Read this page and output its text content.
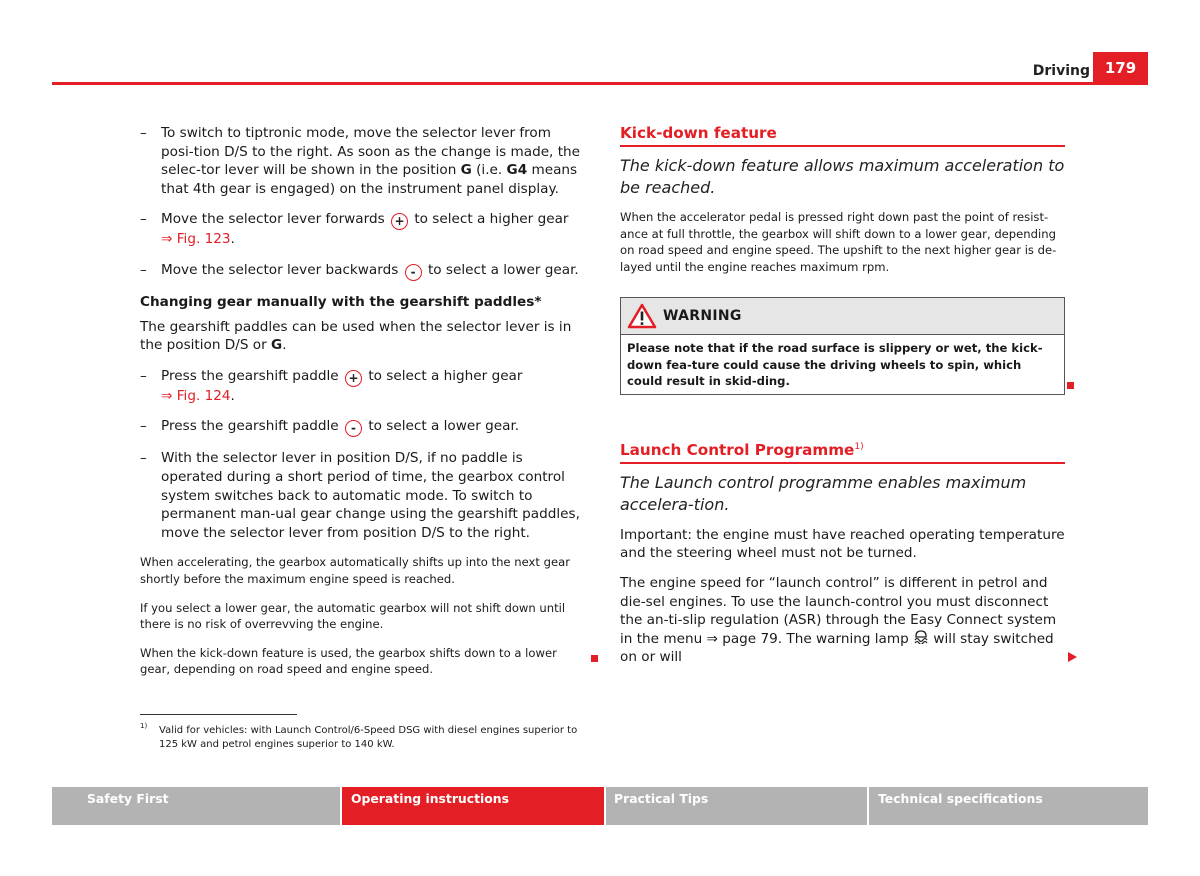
Driving 179
– To switch to tiptronic mode, move the selector lever from posi-tion D/S to the right. As soon as the change is made, the selec-tor lever will be shown in the position G (i.e. G4 means that 4th gear is engaged) on the instrument panel display.
– Move the selector lever forwards + to select a higher gear
⇒ Fig. 123.
– Move the selector lever backwards - to select a lower gear.
Changing gear manually with the gearshift paddles*
The gearshift paddles can be used when the selector lever is in the position D/S or G.
– Press the gearshift paddle + to select a higher gear
⇒ Fig. 124.
– Press the gearshift paddle - to select a lower gear.
– With the selector lever in position D/S, if no paddle is operated during a short period of time, the gearbox control system switches back to automatic mode. To switch to permanent man-ual gear change using the gearshift paddles, move the selector lever from position D/S to the right.
When accelerating, the gearbox automatically shifts up into the next gear shortly before the maximum engine speed is reached.
If you select a lower gear, the automatic gearbox will not shift down until there is no risk of overrevving the engine.
When the kick-down feature is used, the gearbox shifts down to a lower gear, depending on road speed and engine speed.
1) Valid for vehicles: with Launch Control/6-Speed DSG with diesel engines superior to 125 kW and petrol engines superior to 140 kW.
Kick-down feature
The kick-down feature allows maximum acceleration to be reached.
When the accelerator pedal is pressed right down past the point of resist-ance at full throttle, the gearbox will shift down to a lower gear, depending on road speed and engine speed. The upshift to the next higher gear is de-layed until the engine reaches maximum rpm.
WARNING
Please note that if the road surface is slippery or wet, the kick-down fea-ture could cause the driving wheels to spin, which could result in skid-ding.
Launch Control Programme$^{1)}$
The Launch control programme enables maximum accelera-tion.
Important: the engine must have reached operating temperature and the steering wheel must not be turned.
The engine speed for “launch control” is different in petrol and die-sel engines. To use the launch-control you must disconnect the an-ti-slip regulation (ASR) through the Easy Connect system in the menu ⇒ page 79. The warning lamp  will stay switched on or will
Safety First	Operating instructions	Practical Tips	Technical specifications
